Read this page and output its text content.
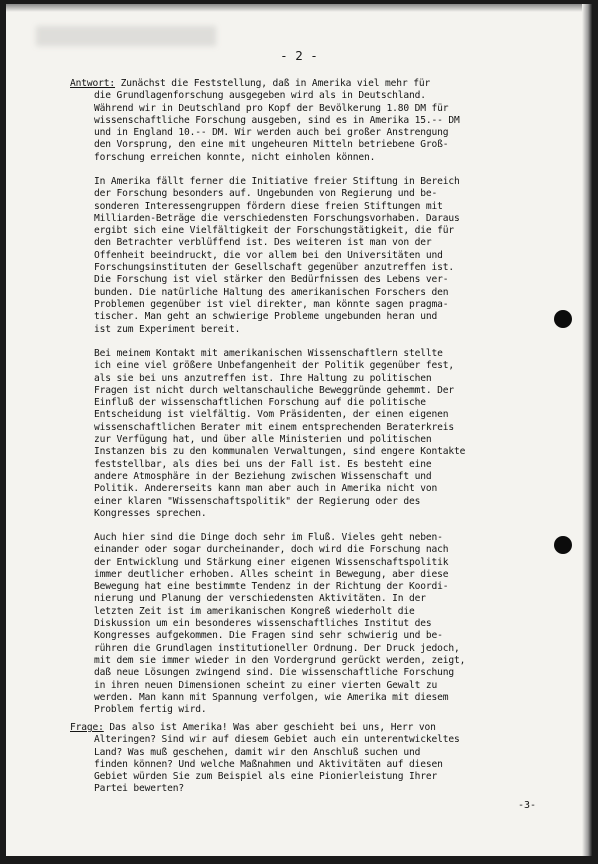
- 2 -
Antwort: Zunächst die Feststellung, daß in Amerika viel mehr für
die Grundlagenforschung ausgegeben wird als in Deutschland.
Während wir in Deutschland pro Kopf der Bevölkerung 1.80 DM für
wissenschaftliche Forschung ausgeben, sind es in Amerika 15.-- DM
und in England 10.-- DM. Wir werden auch bei großer Anstrengung
den Vorsprung, den eine mit ungeheuren Mitteln betriebene Groß-
forschung erreichen konnte, nicht einholen können.
In Amerika fällt ferner die Initiative freier Stiftung in Bereich
der Forschung besonders auf. Ungebunden von Regierung und be-
sonderen Interessengruppen fördern diese freien Stiftungen mit
Milliarden-Beträge die verschiedensten Forschungsvorhaben. Daraus
ergibt sich eine Vielfältigkeit der Forschungstätigkeit, die für
den Betrachter verblüffend ist. Des weiteren ist man von der
Offenheit beeindruckt, die vor allem bei den Universitäten und
Forschungsinstituten der Gesellschaft gegenüber anzutreffen ist.
Die Forschung ist viel stärker den Bedürfnissen des Lebens ver-
bunden. Die natürliche Haltung des amerikanischen Forschers den
Problemen gegenüber ist viel direkter, man könnte sagen pragma-
tischer. Man geht an schwierige Probleme ungebunden heran und
ist zum Experiment bereit.
Bei meinem Kontakt mit amerikanischen Wissenschaftlern stellte
ich eine viel größere Unbefangenheit der Politik gegenüber fest,
als sie bei uns anzutreffen ist. Ihre Haltung zu politischen
Fragen ist nicht durch weltanschauliche Beweggründe gehemmt. Der
Einfluß der wissenschaftlichen Forschung auf die politische
Entscheidung ist vielfältig. Vom Präsidenten, der einen eigenen
wissenschaftlichen Berater mit einem entsprechenden Beraterkreis
zur Verfügung hat, und über alle Ministerien und politischen
Instanzen bis zu den kommunalen Verwaltungen, sind engere Kontakte
feststellbar, als dies bei uns der Fall ist. Es besteht eine
andere Atmosphäre in der Beziehung zwischen Wissenschaft und
Politik. Andererseits kann man aber auch in Amerika nicht von
einer klaren "Wissenschaftspolitik" der Regierung oder des
Kongresses sprechen.
Auch hier sind die Dinge doch sehr im Fluß. Vieles geht neben-
einander oder sogar durcheinander, doch wird die Forschung nach
der Entwicklung und Stärkung einer eigenen Wissenschaftspolitik
immer deutlicher erhoben. Alles scheint in Bewegung, aber diese
Bewegung hat eine bestimmte Tendenz in der Richtung der Koordi-
nierung und Planung der verschiedensten Aktivitäten. In der
letzten Zeit ist im amerikanischen Kongreß wiederholt die
Diskussion um ein besonderes wissenschaftliches Institut des
Kongresses aufgekommen. Die Fragen sind sehr schwierig und be-
rühren die Grundlagen institutioneller Ordnung. Der Druck jedoch,
mit dem sie immer wieder in den Vordergrund gerückt werden, zeigt,
daß neue Lösungen zwingend sind. Die wissenschaftliche Forschung
in ihren neuen Dimensionen scheint zu einer vierten Gewalt zu
werden. Man kann mit Spannung verfolgen, wie Amerika mit diesem
Problem fertig wird.
Frage: Das also ist Amerika! Was aber geschieht bei uns, Herr von
Alteringen? Sind wir auf diesem Gebiet auch ein unterentwickeltes
Land? Was muß geschehen, damit wir den Anschluß suchen und
finden können? Und welche Maßnahmen und Aktivitäten auf diesen
Gebiet würden Sie zum Beispiel als eine Pionierleistung Ihrer
Partei bewerten?
-3-
